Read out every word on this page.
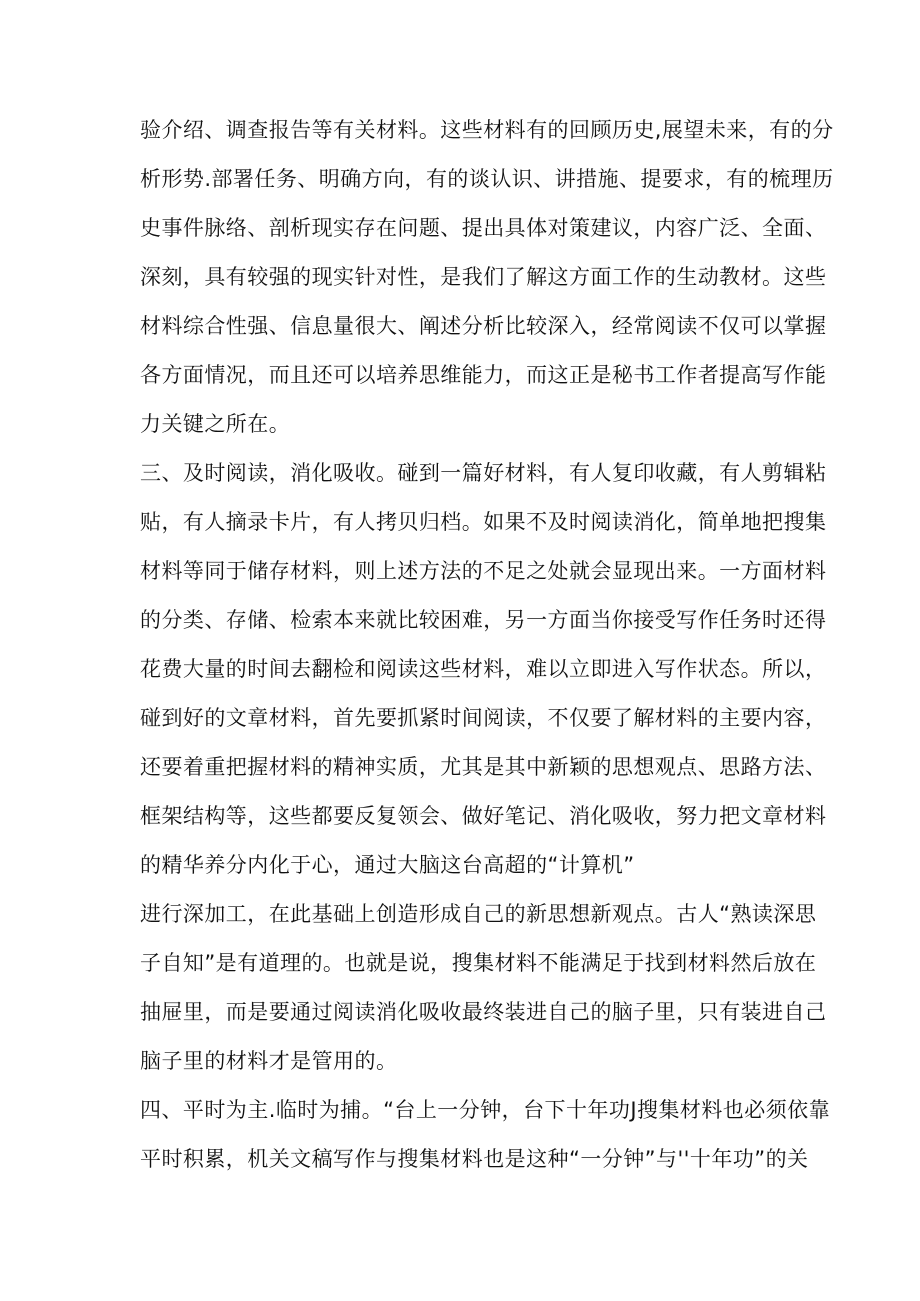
验介绍、调查报告等有关材料。这些材料有的回顾历史,展望未来，有的分
析形势.部署任务、明确方向，有的谈认识、讲措施、提要求，有的梳理历
史事件脉络、剖析现实存在问题、提出具体对策建议，内容广泛、全面、
深刻，具有较强的现实针对性，是我们了解这方面工作的生动教材。这些
材料综合性强、信息量很大、阐述分析比较深入，经常阅读不仅可以掌握
各方面情况，而且还可以培养思维能力，而这正是秘书工作者提高写作能
力关键之所在。
三、及时阅读，消化吸收。碰到一篇好材料，有人复印收藏，有人剪辑粘
贴，有人摘录卡片，有人拷贝归档。如果不及时阅读消化，简单地把搜集
材料等同于储存材料，则上述方法的不足之处就会显现出来。一方面材料
的分类、存储、检索本来就比较困难，另一方面当你接受写作任务时还得
花费大量的时间去翻检和阅读这些材料，难以立即进入写作状态。所以，
碰到好的文章材料，首先要抓紧时间阅读，不仅要了解材料的主要内容，
还要着重把握材料的精神实质，尤其是其中新颖的思想观点、思路方法、
框架结构等，这些都要反复领会、做好笔记、消化吸收，努力把文章材料
的精华养分内化于心，通过大脑这台高超的“计算机”
进行深加工，在此基础上创造形成自己的新思想新观点。古人“熟读深思
子自知”是有道理的。也就是说，搜集材料不能满足于找到材料然后放在
抽屉里，而是要通过阅读消化吸收最终装进自己的脑子里，只有装进自己
脑子里的材料才是管用的。
四、平时为主.临时为捕。“台上一分钟，台下十年功J搜集材料也必须依靠
平时积累，机关文稿写作与搜集材料也是这种“一分钟”与''十年功”的关
